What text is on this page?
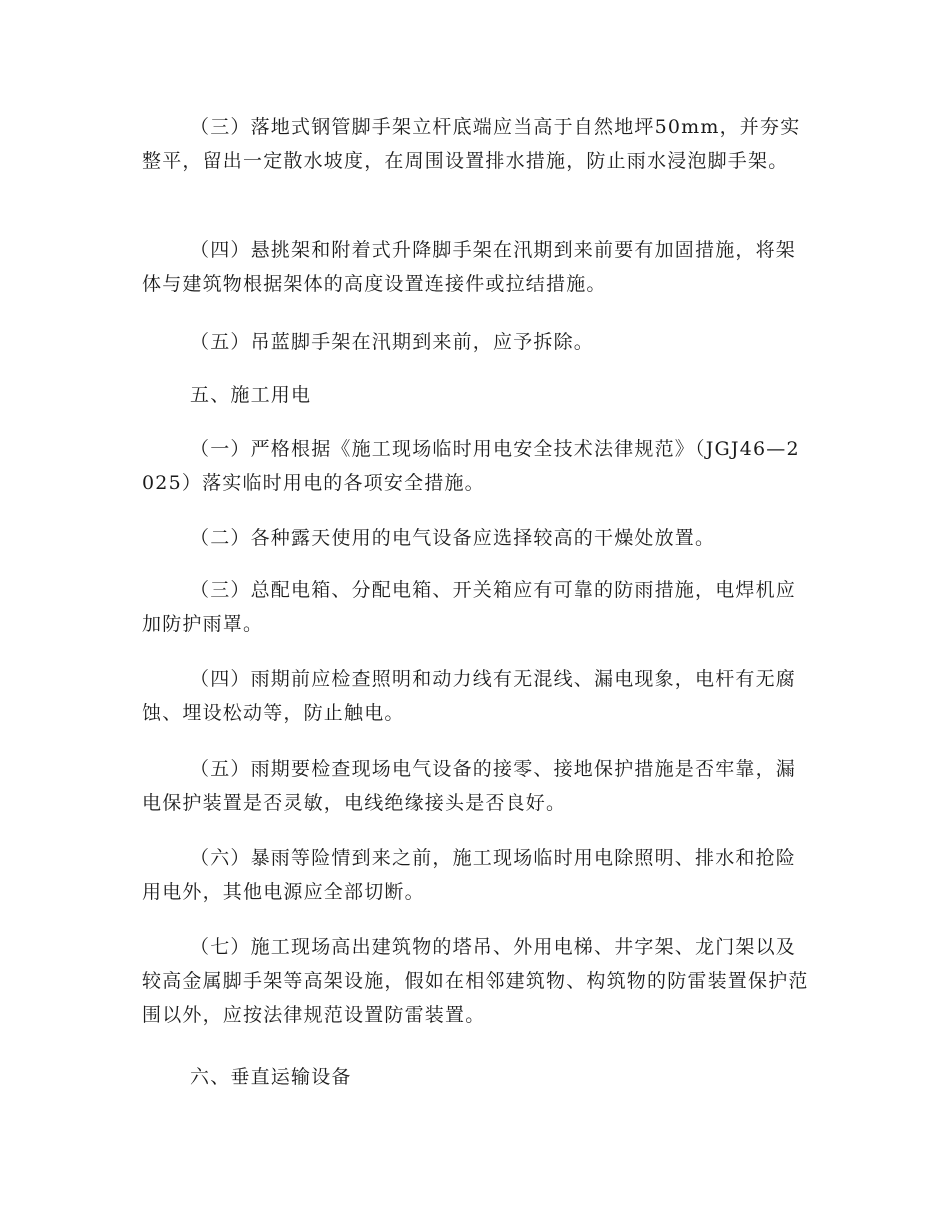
（三）落地式钢管脚手架立杆底端应当高于自然地坪50mm，并夯实整平，留出一定散水坡度，在周围设置排水措施，防止雨水浸泡脚手架。

（四）悬挑架和附着式升降脚手架在汛期到来前要有加固措施，将架体与建筑物根据架体的高度设置连接件或拉结措施。

（五）吊蓝脚手架在汛期到来前，应予拆除。

五、施工用电

（一）严格根据《施工现场临时用电安全技术法律规范》（JGJ46—2025）落实临时用电的各项安全措施。

（二）各种露天使用的电气设备应选择较高的干燥处放置。

（三）总配电箱、分配电箱、开关箱应有可靠的防雨措施，电焊机应加防护雨罩。

（四）雨期前应检查照明和动力线有无混线、漏电现象，电杆有无腐蚀、埋设松动等，防止触电。

（五）雨期要检查现场电气设备的接零、接地保护措施是否牢靠，漏电保护装置是否灵敏，电线绝缘接头是否良好。

（六）暴雨等险情到来之前，施工现场临时用电除照明、排水和抢险用电外，其他电源应全部切断。

（七）施工现场高出建筑物的塔吊、外用电梯、井字架、龙门架以及较高金属脚手架等高架设施，假如在相邻建筑物、构筑物的防雷装置保护范围以外，应按法律规范设置防雷装置。

六、垂直运输设备
